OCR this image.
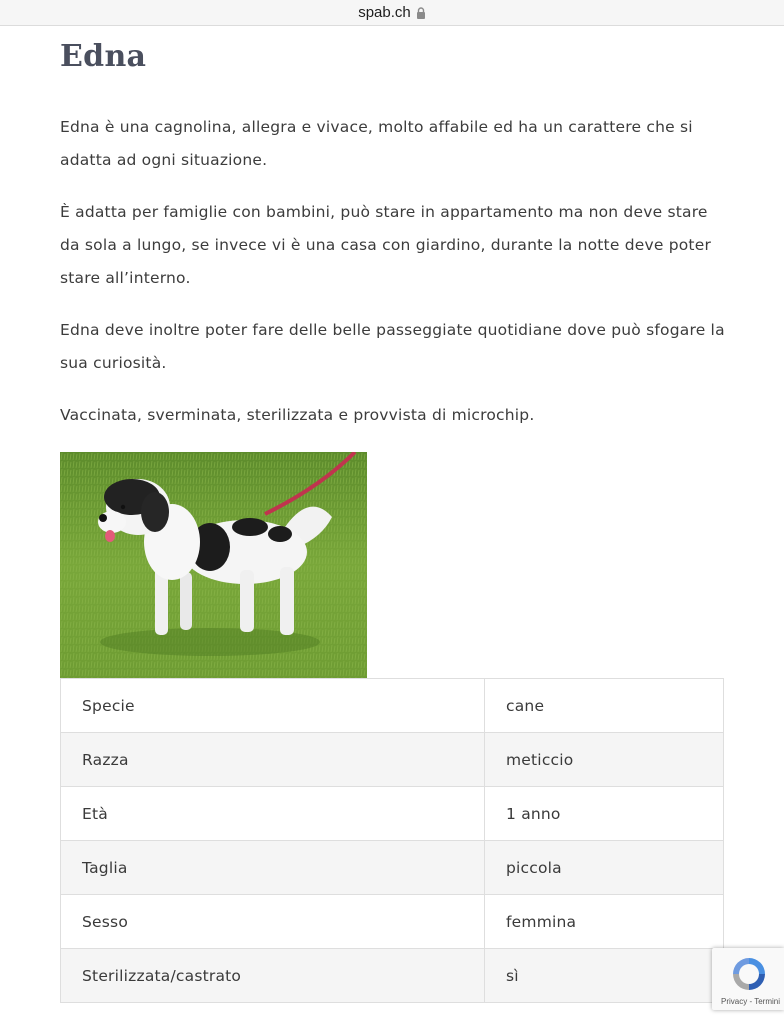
spab.ch
Edna

Edna è una cagnolina, allegra e vivace, molto affabile ed ha un carattere che si adatta ad ogni situazione.

È adatta per famiglie con bambini, può stare in appartamento ma non deve stare da sola a lungo, se invece vi è una casa con giardino, durante la notte deve poter stare all’interno.

Edna deve inoltre poter fare delle belle passeggiate quotidiane dove può sfogare la sua curiosità.

Vaccinata, sverminata, sterilizzata e provvista di microchip.

Specie	cane
Razza	meticcio
Età	1 anno
Taglia	piccola
Sesso	femmina
Sterilizzata/castrato	sì
Privacy - Termini
